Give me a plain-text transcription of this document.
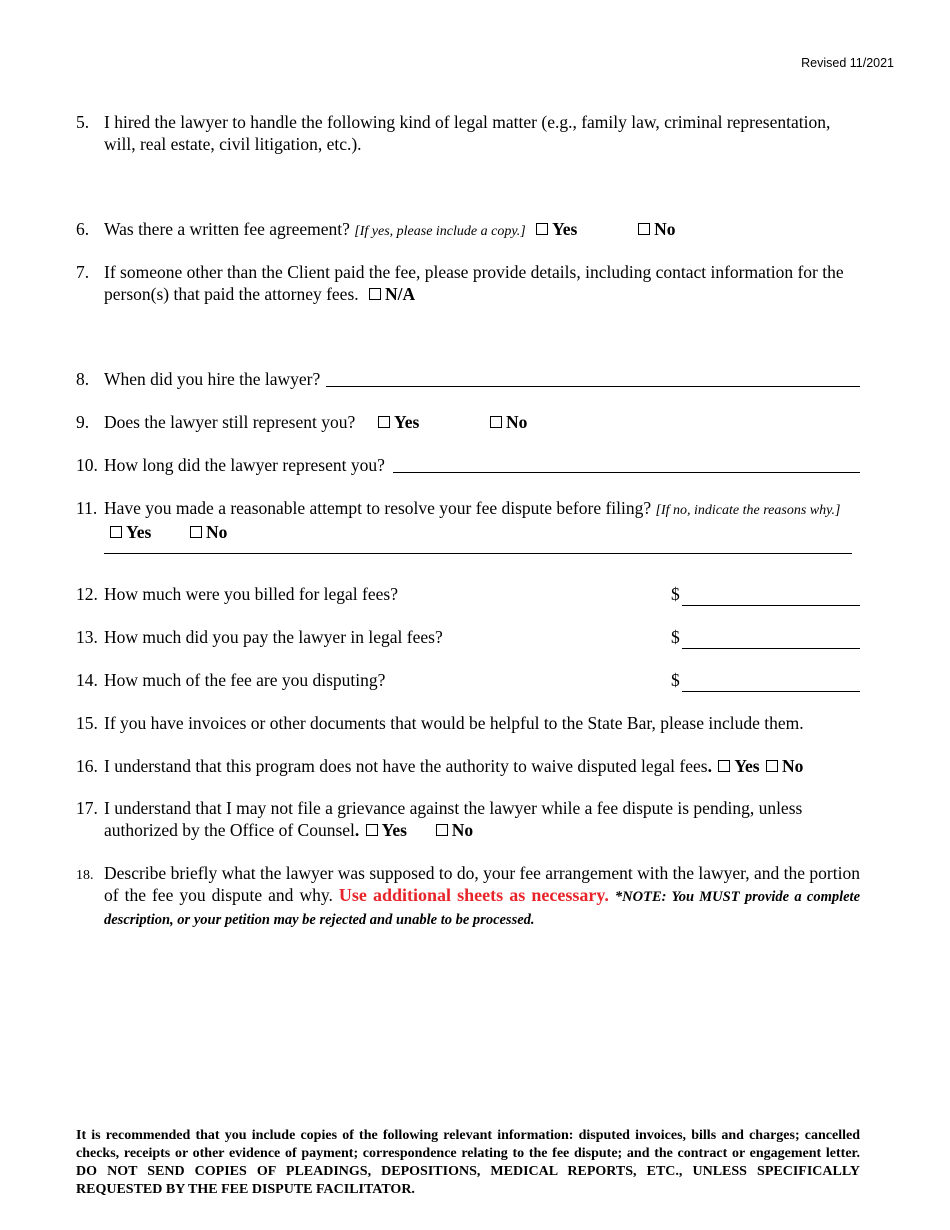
Revised 11/2021
5. I hired the lawyer to handle the following kind of legal matter (e.g., family law, criminal representation, will, real estate, civil litigation, etc.).
6. Was there a written fee agreement? [If yes, please include a copy.] Yes	No
7. If someone other than the Client paid the fee, please provide details, including contact information for the person(s) that paid the attorney fees. N/A
8. When did you hire the lawyer?
9. Does the lawyer still represent you? Yes	No
10. How long did the lawyer represent you?
11. Have you made a reasonable attempt to resolve your fee dispute before filing? [If no, indicate the reasons why.] Yes	No
12. How much were you billed for legal fees?	$
13. How much did you pay the lawyer in legal fees?	$
14. How much of the fee are you disputing?	$
15. If you have invoices or other documents that would be helpful to the State Bar, please include them.
16. I understand that this program does not have the authority to waive disputed legal fees. Yes No
17. I understand that I may not file a grievance against the lawyer while a fee dispute is pending, unless authorized by the Office of Counsel. Yes	No
18. Describe briefly what the lawyer was supposed to do, your fee arrangement with the lawyer, and the portion of the fee you dispute and why. Use additional sheets as necessary. *NOTE: You MUST provide a complete description, or your petition may be rejected and unable to be processed.
It is recommended that you include copies of the following relevant information: disputed invoices, bills and charges; cancelled checks, receipts or other evidence of payment; correspondence relating to the fee dispute; and the contract or engagement letter. DO NOT SEND COPIES OF PLEADINGS, DEPOSITIONS, MEDICAL REPORTS, ETC., UNLESS SPECIFICALLY REQUESTED BY THE FEE DISPUTE FACILITATOR.
